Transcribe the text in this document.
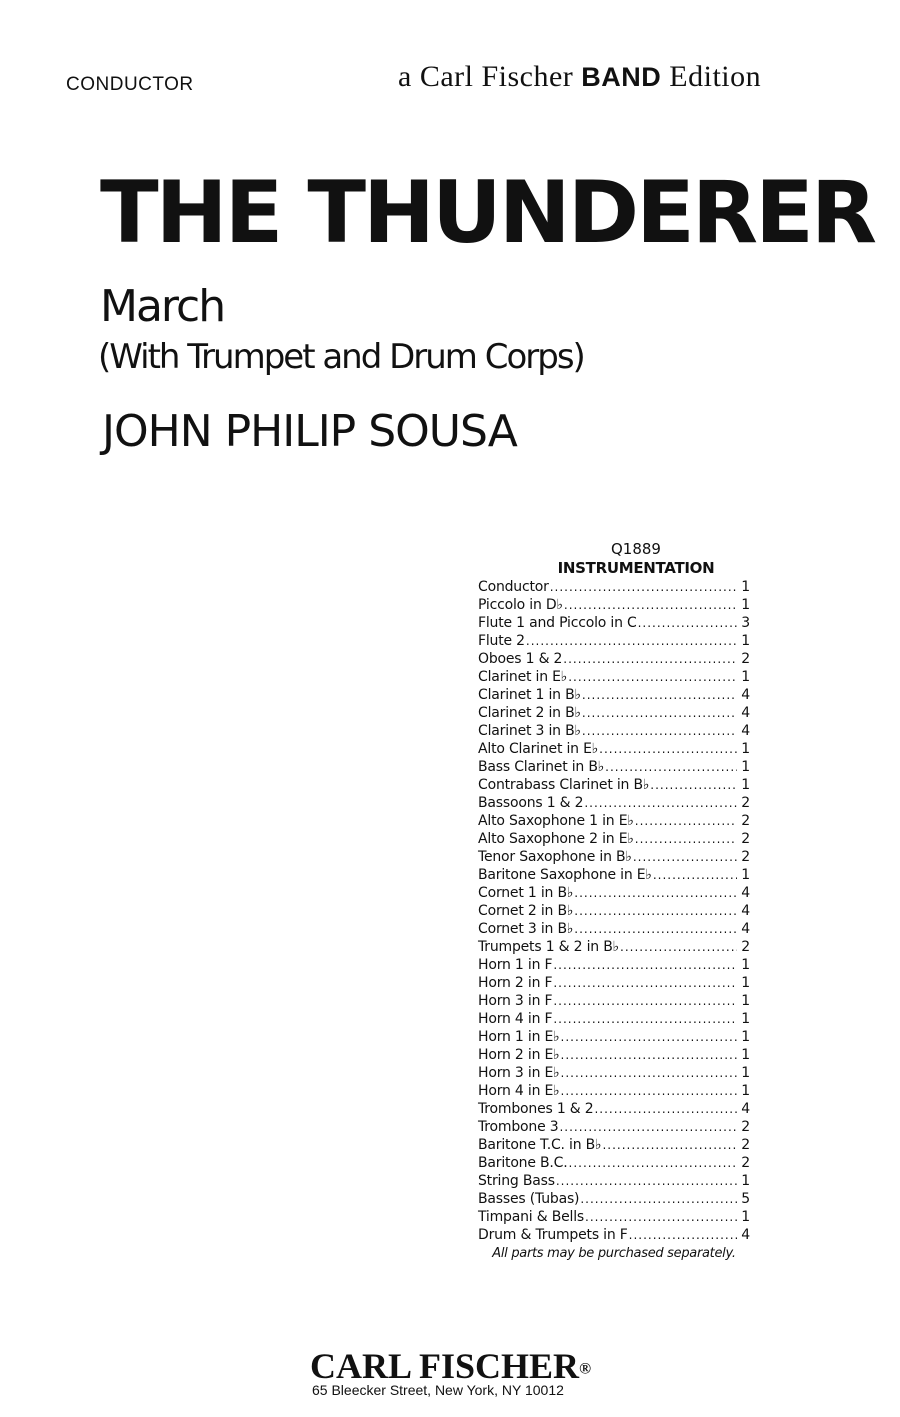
CONDUCTOR	a Carl Fischer BAND Edition
THE THUNDERER
March
(With Trumpet and Drum Corps)
JOHN PHILIP SOUSA
Q1889
INSTRUMENTATION
Conductor .....	1
Piccolo in D♭ .....	1
Flute 1 and Piccolo in C .....	3
Flute 2 .....	1
Oboes 1 & 2 .....	2
Clarinet in E♭ .....	1
Clarinet 1 in B♭ .....	4
Clarinet 2 in B♭ .....	4
Clarinet 3 in B♭ .....	4
Alto Clarinet in E♭ .....	1
Bass Clarinet in B♭ .....	1
Contrabass Clarinet in B♭ .....	1
Bassoons 1 & 2 .....	2
Alto Saxophone 1 in E♭ .....	2
Alto Saxophone 2 in E♭ .....	2
Tenor Saxophone in B♭ .....	2
Baritone Saxophone in E♭ .....	1
Cornet 1 in B♭ .....	4
Cornet 2 in B♭ .....	4
Cornet 3 in B♭ .....	4
Trumpets 1 & 2 in B♭ .....	2
Horn 1 in F .....	1
Horn 2 in F .....	1
Horn 3 in F .....	1
Horn 4 in F .....	1
Horn 1 in E♭ .....	1
Horn 2 in E♭ .....	1
Horn 3 in E♭ .....	1
Horn 4 in E♭ .....	1
Trombones 1 & 2 .....	4
Trombone 3 .....	2
Baritone T.C. in B♭ .....	2
Baritone B.C. .....	2
String Bass .....	1
Basses (Tubas) .....	5
Timpani & Bells .....	1
Drum & Trumpets in F .....	4
All parts may be purchased separately.
CARL FISCHER®
65 Bleecker Street, New York, NY 10012
